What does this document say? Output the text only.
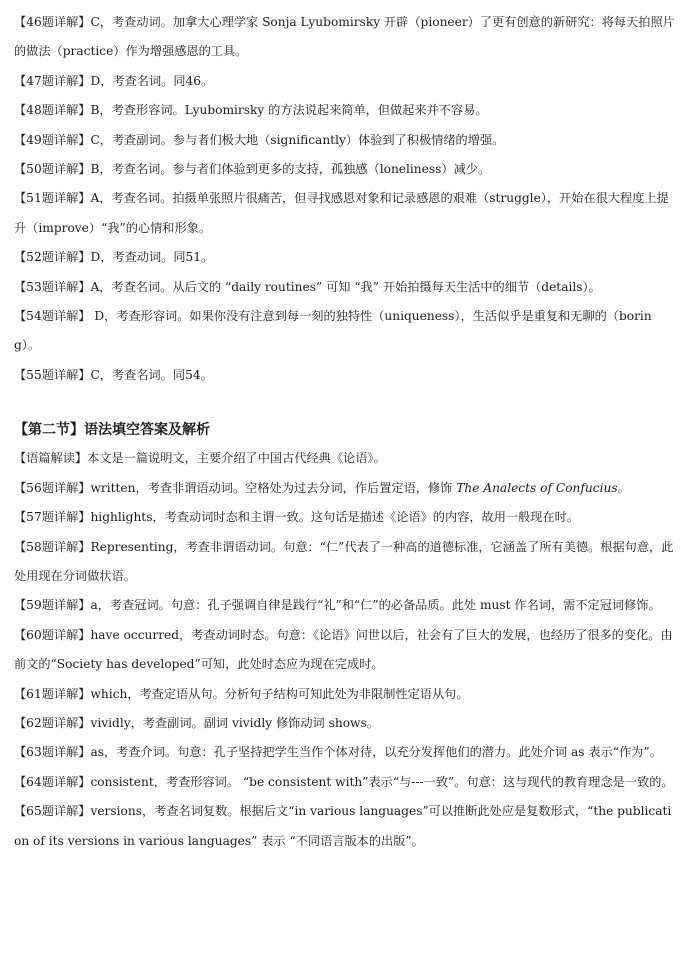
【46题详解】C，考查动词。加拿大心理学家 Sonja Lyubomirsky 开辟（pioneer）了更有创意的新研究：将每天拍照片的做法（practice）作为增强感恩的工具。

【47题详解】D，考查名词。同46。

【48题详解】B，考查形容词。Lyubomirsky 的方法说起来简单，但做起来并不容易。

【49题详解】C，考查副词。参与者们极大地（significantly）体验到了积极情绪的增强。

【50题详解】B，考查名词。参与者们体验到更多的支持，孤独感（loneliness）减少。

【51题详解】A，考查名词。拍摄单张照片很痛苦，但寻找感恩对象和记录感恩的艰难（struggle），开始在很大程度上提升（improve）“我”的心情和形象。

【52题详解】D，考查动词。同51。

【53题详解】A，考查名词。从后文的 “daily routines” 可知 “我” 开始拍摄每天生活中的细节（details）。

【54题详解】 D，考查形容词。如果你没有注意到每一刻的独特性（uniqueness），生活似乎是重复和无聊的（boring）。

【55题详解】C，考查名词。同54。

【第二节】语法填空答案及解析

【语篇解读】本文是一篇说明文，主要介绍了中国古代经典《论语》。

【56题详解】written，考查非谓语动词。空格处为过去分词，作后置定语，修饰 The Analects of Confucius。

【57题详解】highlights，考查动词时态和主谓一致。这句话是描述《论语》的内容，故用一般现在时。

【58题详解】Representing，考查非谓语动词。句意：“仁”代表了一种高的道德标准，它涵盖了所有美德。根据句意，此处用现在分词做状语。

【59题详解】a，考查冠词。句意：孔子强调自律是践行“礼”和“仁”的必备品质。此处 must 作名词，需不定冠词修饰。

【60题详解】have occurred，考查动词时态。句意：《论语》问世以后，社会有了巨大的发展，也经历了很多的变化。由前文的“Society has developed”可知，此处时态应为现在完成时。

【61题详解】which，考查定语从句。分析句子结构可知此处为非限制性定语从句。

【62题详解】vividly，考查副词。副词 vividly 修饰动词 shows。

【63题详解】as，考查介词。句意：孔子坚持把学生当作个体对待，以充分发挥他们的潜力。此处介词 as 表示“作为”。

【64题详解】consistent，考查形容词。 “be consistent with”表示“与---一致”。句意：这与现代的教育理念是一致的。

【65题详解】versions，考查名词复数。根据后文“in various languages”可以推断此处应是复数形式，“the publication of its versions in various languages” 表示 “不同语言版本的出版”。
